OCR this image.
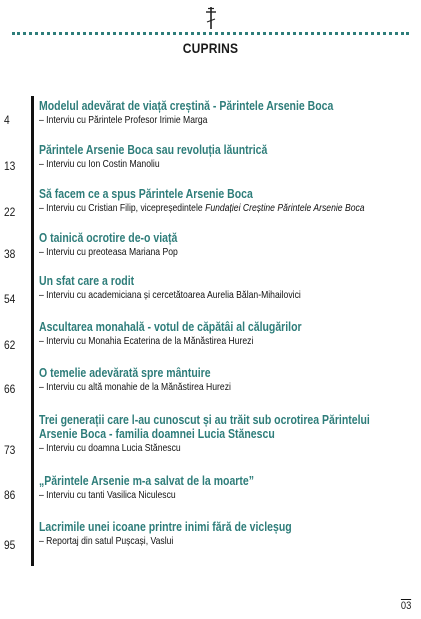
CUPRINS
4
Modelul adevărat de viață creștină - Părintele Arsenie Boca
– Interviu cu Părintele Profesor Irimie Marga
13
Părintele Arsenie Boca sau revoluția lăuntrică
– Interviu cu Ion Costin Manoliu
22
Să facem ce a spus Părintele Arsenie Boca
– Interviu cu Cristian Filip, vicepreședintele Fundației Creștine Părintele Arsenie Boca
38
O tainică ocrotire de-o viață
– Interviu cu preoteasa Mariana Pop
54
Un sfat care a rodit
– Interviu cu academiciana și cercetătoarea Aurelia Bălan-Mihailovici
62
Ascultarea monahală - votul de căpătâi al călugărilor
– Interviu cu Monahia Ecaterina de la Mănăstirea Hurezi
66
O temelie adevărată spre mântuire
– Interviu cu altă monahie de la Mănăstirea Hurezi
73
Trei generații care l-au cunoscut și au trăit sub ocrotirea Părintelui Arsenie Boca - familia doamnei Lucia Stănescu
– Interviu cu doamna Lucia Stănescu
86
„Părintele Arsenie m-a salvat de la moarte”
– Interviu cu tanti Vasilica Niculescu
95
Lacrimile unei icoane printre inimi fără de vicleșug
– Reportaj din satul Pușcași, Vaslui
03
